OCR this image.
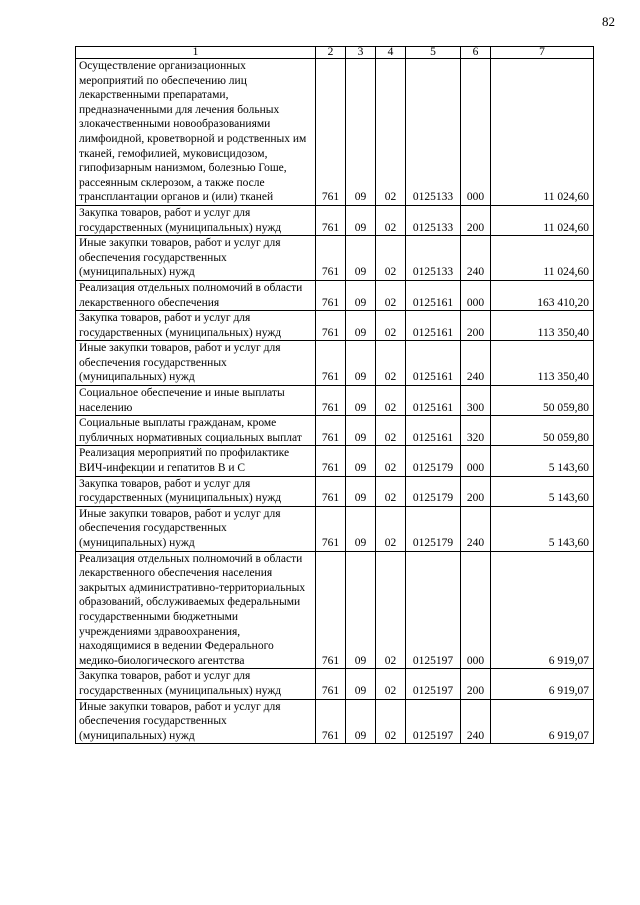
82
1	2	3	4	5	6	7
Осуществление организационных мероприятий по обеспечению лиц лекарственными препаратами, предназначенными для лечения больных злокачественными новообразованиями лимфоидной, кроветворной и родственных им тканей, гемофилией, муковисцидозом, гипофизарным нанизмом, болезнью Гоше, рассеянным склерозом, а также после трансплантации органов и (или) тканей	761	09	02	0125133	000	11 024,60
Закупка товаров, работ и услуг для государственных (муниципальных) нужд	761	09	02	0125133	200	11 024,60
Иные закупки товаров, работ и услуг для обеспечения государственных (муниципальных) нужд	761	09	02	0125133	240	11 024,60
Реализация отдельных полномочий в области лекарственного обеспечения	761	09	02	0125161	000	163 410,20
Закупка товаров, работ и услуг для государственных (муниципальных) нужд	761	09	02	0125161	200	113 350,40
Иные закупки товаров, работ и услуг для обеспечения государственных (муниципальных) нужд	761	09	02	0125161	240	113 350,40
Социальное обеспечение и иные выплаты населению	761	09	02	0125161	300	50 059,80
Социальные выплаты гражданам, кроме публичных нормативных социальных выплат	761	09	02	0125161	320	50 059,80
Реализация мероприятий по профилактике ВИЧ-инфекции и гепатитов В и С	761	09	02	0125179	000	5 143,60
Закупка товаров, работ и услуг для государственных (муниципальных) нужд	761	09	02	0125179	200	5 143,60
Иные закупки товаров, работ и услуг для обеспечения государственных (муниципальных) нужд	761	09	02	0125179	240	5 143,60
Реализация отдельных полномочий в области лекарственного обеспечения населения закрытых административно-территориальных образований, обслуживаемых федеральными государственными бюджетными учреждениями здравоохранения, находящимися в ведении Федерального медико-биологического агентства	761	09	02	0125197	000	6 919,07
Закупка товаров, работ и услуг для государственных (муниципальных) нужд	761	09	02	0125197	200	6 919,07
Иные закупки товаров, работ и услуг для обеспечения государственных (муниципальных) нужд	761	09	02	0125197	240	6 919,07
